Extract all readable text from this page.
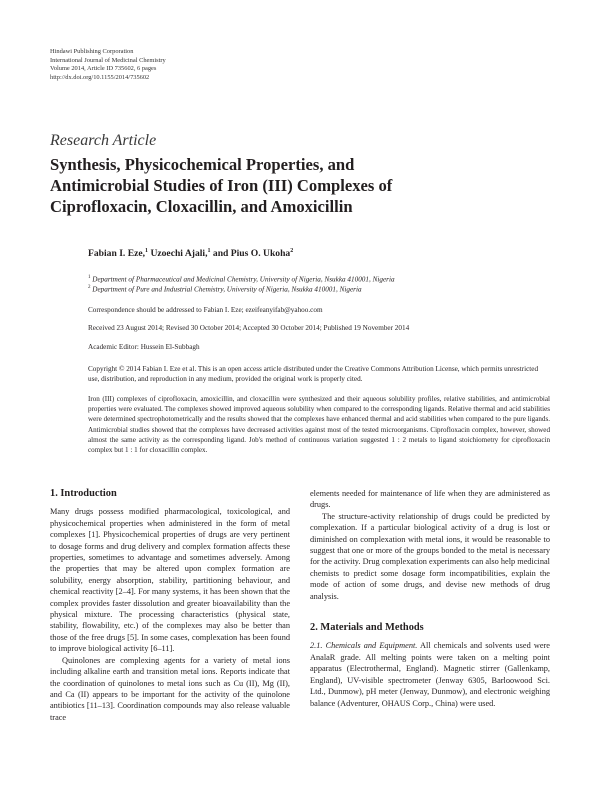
Hindawi Publishing Corporation
International Journal of Medicinal Chemistry
Volume 2014, Article ID 735602, 6 pages
http://dx.doi.org/10.1155/2014/735602
Research Article
Synthesis, Physicochemical Properties, and
Antimicrobial Studies of Iron (III) Complexes of
Ciprofloxacin, Cloxacillin, and Amoxicillin
Fabian I. Eze,$^1$ Uzoechi Ajali,$^1$ and Pius O. Ukoha$^2$
$^1$ Department of Pharmaceutical and Medicinal Chemistry, University of Nigeria, Nsukka 410001, Nigeria
$^2$ Department of Pure and Industrial Chemistry, University of Nigeria, Nsukka 410001, Nigeria
Correspondence should be addressed to Fabian I. Eze; ezeifeanyifab@yahoo.com
Received 23 August 2014; Revised 30 October 2014; Accepted 30 October 2014; Published 19 November 2014
Academic Editor: Hussein El-Subbagh
Copyright © 2014 Fabian I. Eze et al. This is an open access article distributed under the Creative Commons Attribution License, which permits unrestricted use, distribution, and reproduction in any medium, provided the original work is properly cited.
Iron (III) complexes of ciprofloxacin, amoxicillin, and cloxacillin were synthesized and their aqueous solubility profiles, relative stabilities, and antimicrobial properties were evaluated. The complexes showed improved aqueous solubility when compared to the corresponding ligands. Relative thermal and acid stabilities were determined spectrophotometrically and the results showed that the complexes have enhanced thermal and acid stabilities when compared to the pure ligands. Antimicrobial studies showed that the complexes have decreased activities against most of the tested microorganisms. Ciprofloxacin complex, however, showed almost the same activity as the corresponding ligand. Job's method of continuous variation suggested 1 : 2 metals to ligand stoichiometry for ciprofloxacin complex but 1 : 1 for cloxacillin complex.
1. Introduction

Many drugs possess modified pharmacological, toxicological, and physicochemical properties when administered in the form of metal complexes [1]. Physicochemical properties of drugs are very pertinent to dosage forms and drug delivery and complex formation affects these properties, sometimes to advantage and sometimes adversely. Among the properties that may be altered upon complex formation are solubility, energy absorption, stability, partitioning behaviour, and chemical reactivity [2–4]. For many systems, it has been shown that the complex provides faster dissolution and greater bioavailability than the physical mixture. The processing characteristics (physical state, stability, flowability, etc.) of the complexes may also be better than those of the free drugs [5]. In some cases, complexation has been found to improve biological activity [6–11].

Quinolones are complexing agents for a variety of metal ions including alkaline earth and transition metal ions. Reports indicate that the coordination of quinolones to metal ions such as Cu (II), Mg (II), and Ca (II) appears to be important for the activity of the quinolone antibiotics [11–13]. Coordination compounds may also release valuable trace

elements needed for maintenance of life when they are administered as drugs.

The structure-activity relationship of drugs could be predicted by complexation. If a particular biological activity of a drug is lost or diminished on complexation with metal ions, it would be reasonable to suggest that one or more of the groups bonded to the metal is necessary for the activity. Drug complexation experiments can also help medicinal chemists to predict some dosage form incompatibilities, explain the mode of action of some drugs, and devise new methods of drug analysis.

2. Materials and Methods

2.1. Chemicals and Equipment. All chemicals and solvents used were AnalaR grade. All melting points were taken on a melting point apparatus (Electrothermal, England). Magnetic stirrer (Gallenkamp, England), UV-visible spectrometer (Jenway 6305, Barloowood Sci. Ltd., Dunmow), pH meter (Jenway, Dunmow), and electronic weighing balance (Adventurer, OHAUS Corp., China) were used.
